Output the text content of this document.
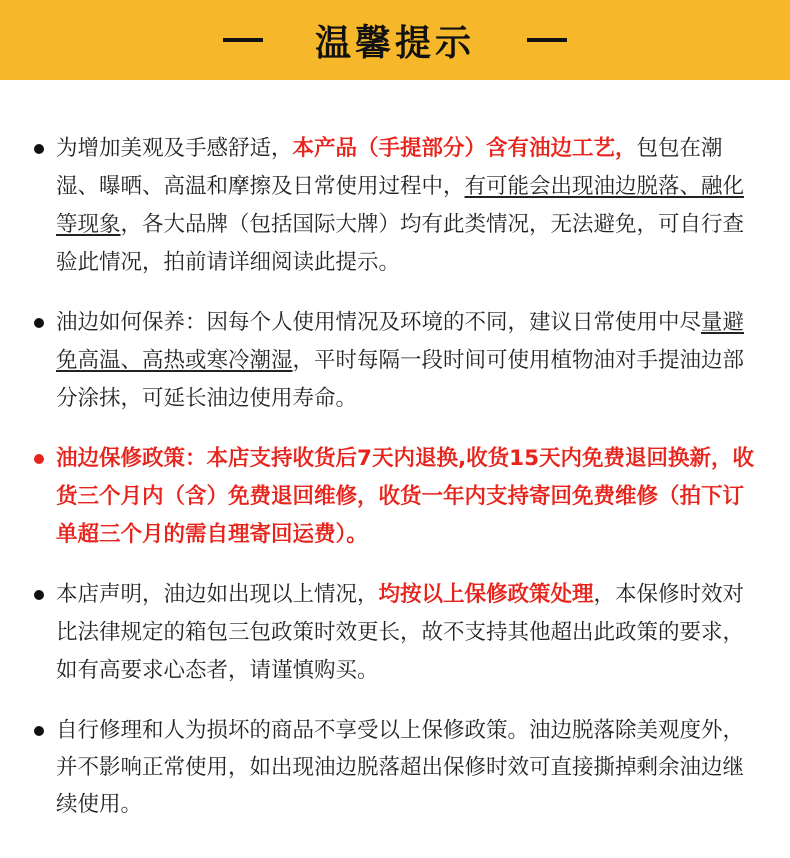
温馨提示
为增加美观及手感舒适，本产品（手提部分）含有油边工艺，包包在潮湿、曝晒、高温和摩擦及日常使用过程中，有可能会出现油边脱落、融化等现象，各大品牌（包括国际大牌）均有此类情况，无法避免，可自行查验此情况，拍前请详细阅读此提示。
油边如何保养：因每个人使用情况及环境的不同，建议日常使用中尽量避免高温、高热或寒冷潮湿，平时每隔一段时间可使用植物油对手提油边部分涂抹，可延长油边使用寿命。
油边保修政策：本店支持收货后7天内退换,收货15天内免费退回换新，收货三个月内（含）免费退回维修，收货一年内支持寄回免费维修（拍下订单超三个月的需自理寄回运费）。
本店声明，油边如出现以上情况，均按以上保修政策处理，本保修时效对比法律规定的箱包三包政策时效更长，故不支持其他超出此政策的要求，如有高要求心态者，请谨慎购买。
自行修理和人为损坏的商品不享受以上保修政策。油边脱落除美观度外，并不影响正常使用，如出现油边脱落超出保修时效可直接撕掉剩余油边继续使用。
